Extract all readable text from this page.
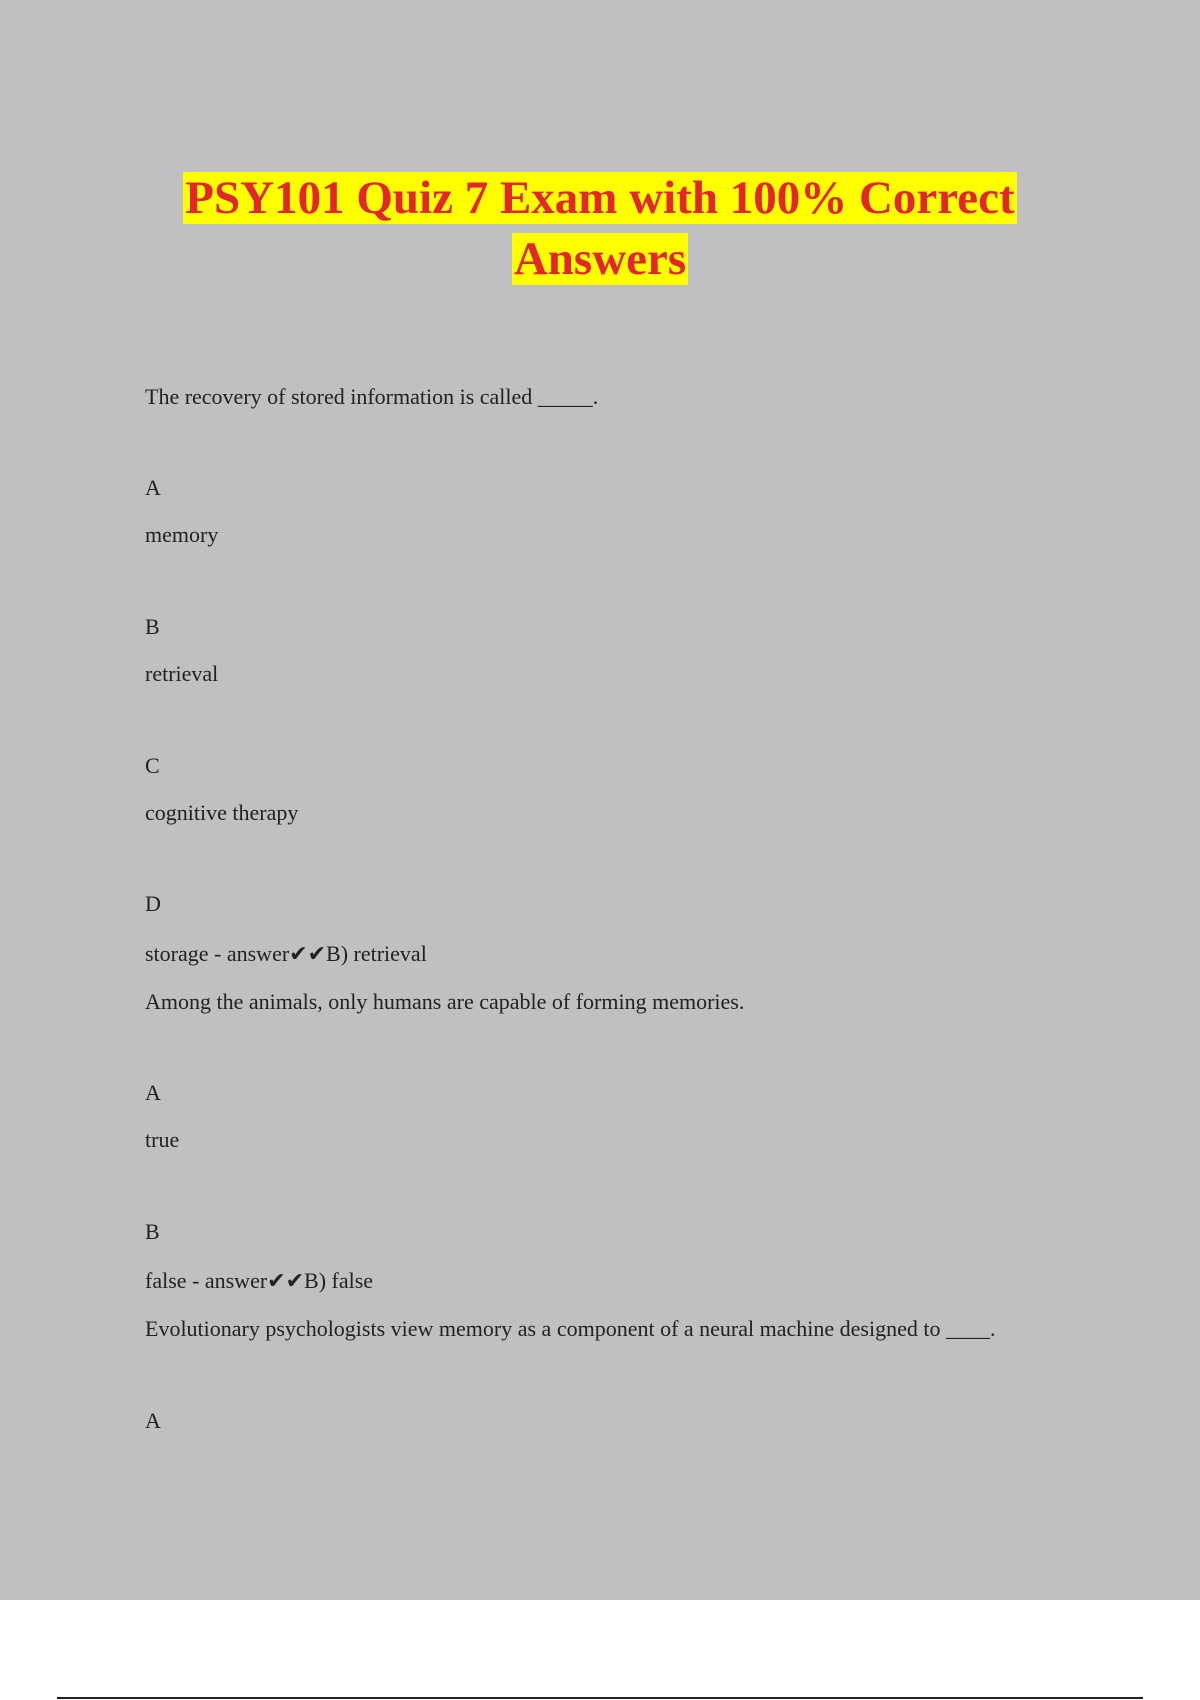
PSY101 Quiz 7 Exam with 100% Correct
Answers
The recovery of stored information is called _____.
A
memory
B
retrieval
C
cognitive therapy
D
storage - answer✔✔B) retrieval
Among the animals, only humans are capable of forming memories.
A
true
B
false - answer✔✔B) false
Evolutionary psychologists view memory as a component of a neural machine designed to ____.
A
